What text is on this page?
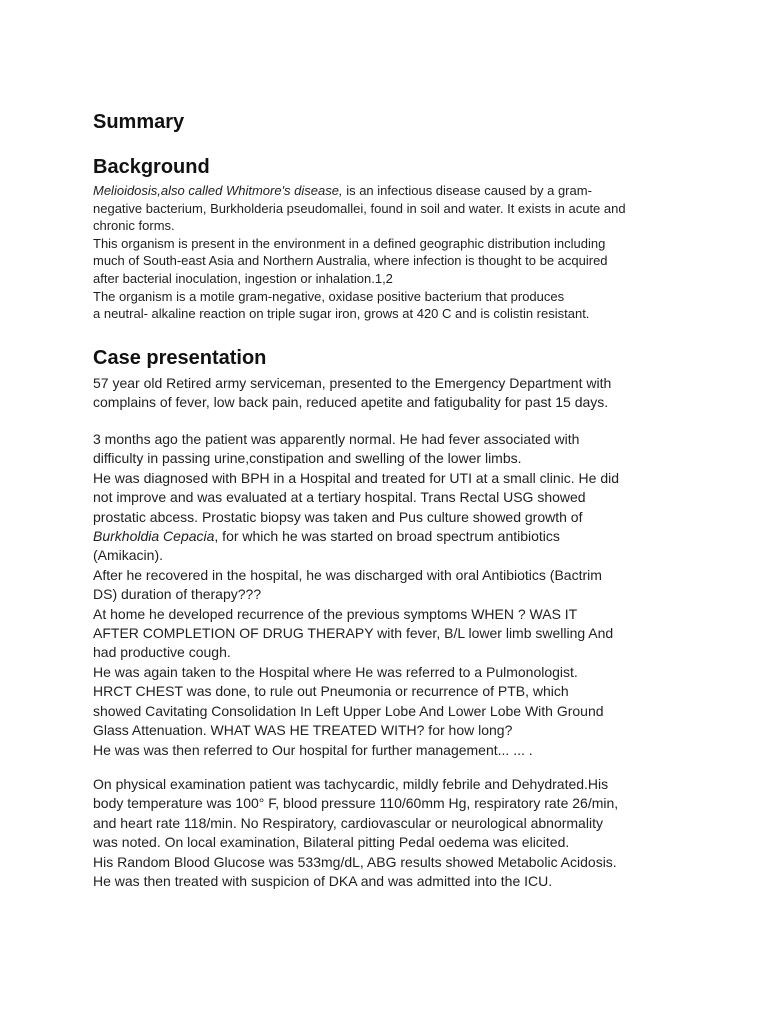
Summary
Background
Melioidosis,also called Whitmore's disease, is an infectious disease caused by a gram-
negative bacterium, Burkholderia pseudomallei, found in soil and water. It exists in acute and
chronic forms.
This organism is present in the environment in a defined geographic distribution including
much of South-east Asia and Northern Australia, where infection is thought to be acquired
after bacterial inoculation, ingestion or inhalation.1,2
The organism is a motile gram-negative, oxidase positive bacterium that produces
a neutral- alkaline reaction on triple sugar iron, grows at 420 C and is colistin resistant.
Case presentation
57 year old Retired army serviceman, presented to the Emergency Department with
complains of fever, low back pain, reduced apetite and fatigubality for past 15 days.
3 months ago the patient was apparently normal. He had fever associated with
difficulty in passing urine,constipation and swelling of the lower limbs.
He was diagnosed with BPH in a Hospital and treated for UTI at a small clinic. He did
not improve and was evaluated at a tertiary hospital. Trans Rectal USG showed
prostatic abcess. Prostatic biopsy was taken and Pus culture showed growth of
Burkholdia Cepacia, for which he was started on broad spectrum antibiotics
(Amikacin).
After he recovered in the hospital, he was discharged with oral Antibiotics (Bactrim
DS) duration of therapy???
At home he developed recurrence of the previous symptoms WHEN ? WAS IT
AFTER COMPLETION OF DRUG THERAPY with fever, B/L lower limb swelling And
had productive cough.
He was again taken to the Hospital where He was referred to a Pulmonologist.
HRCT CHEST was done, to rule out Pneumonia or recurrence of PTB, which
showed Cavitating Consolidation In Left Upper Lobe And Lower Lobe With Ground
Glass Attenuation. WHAT WAS HE TREATED WITH? for how long?
He was was then referred to Our hospital for further management... ... .
On physical examination patient was tachycardic, mildly febrile and Dehydrated.His
body temperature was 100° F, blood pressure 110/60mm Hg, respiratory rate 26/min,
and heart rate 118/min. No Respiratory, cardiovascular or neurological abnormality
was noted. On local examination, Bilateral pitting Pedal oedema was elicited.
His Random Blood Glucose was 533mg/dL, ABG results showed Metabolic Acidosis.
He was then treated with suspicion of DKA and was admitted into the ICU.
